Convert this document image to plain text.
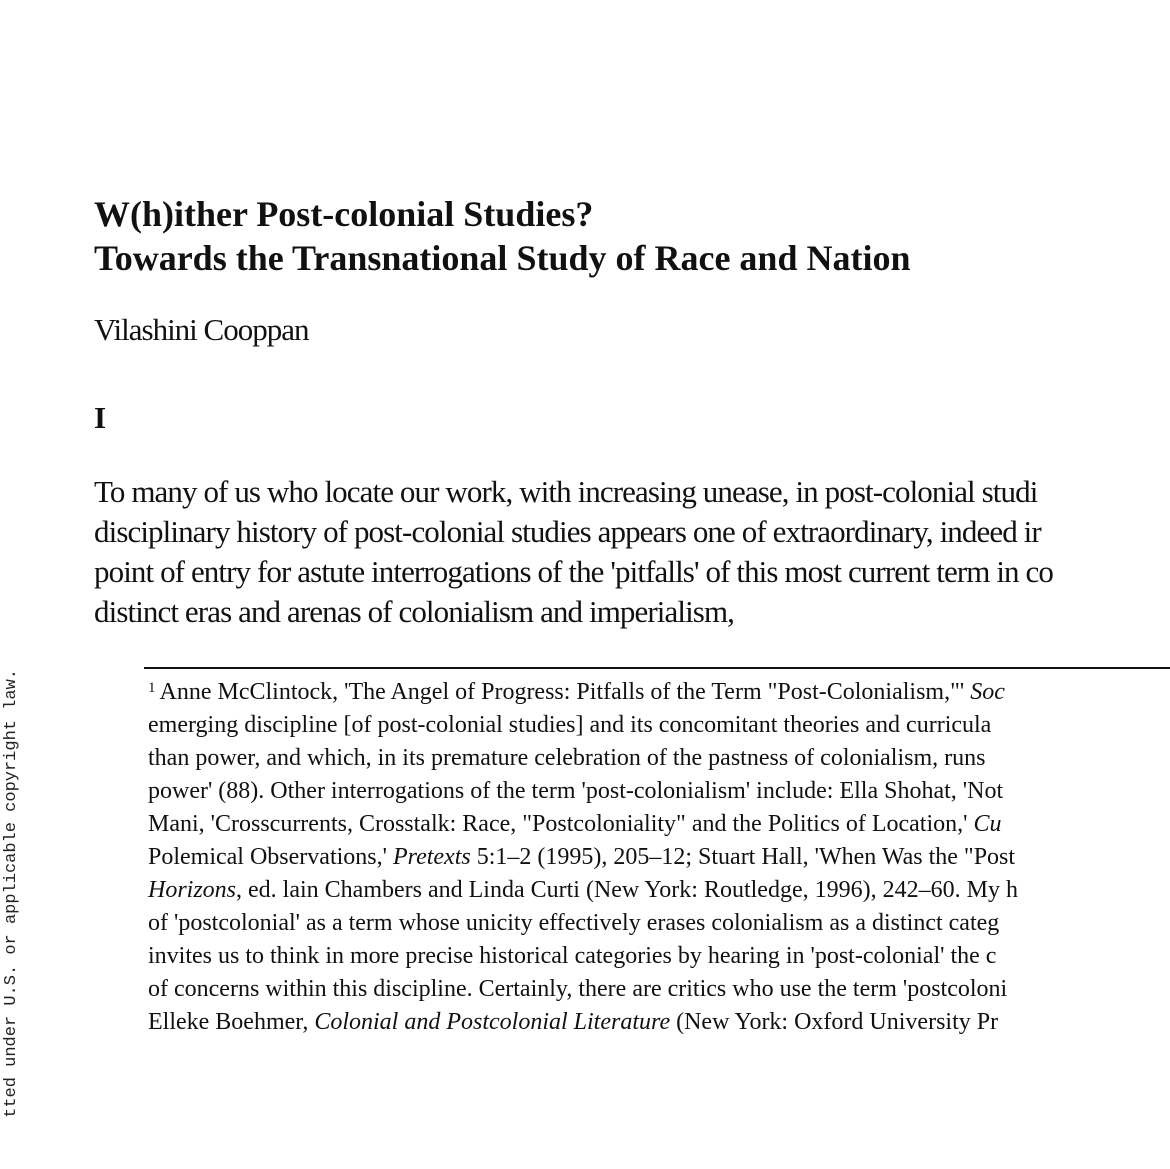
W(h)ither Post-colonial Studies?
Towards the Transnational Study of Race and Nation
Vilashini Cooppan
I
To many of us who locate our work, with increasing unease, in post-colonial studi
disciplinary history of post-colonial studies appears one of extraordinary, indeed ir
point of entry for astute interrogations of the 'pitfalls' of this most current term in co
distinct eras and arenas of colonialism and imperialism,
$^1$ Anne McClintock, 'The Angel of Progress: Pitfalls of the Term "Post-Colonialism,"' Soc
emerging discipline [of post-colonial studies] and its concomitant theories and curricula
than power, and which, in its premature celebration of the pastness of colonialism, runs
power' (88). Other interrogations of the term 'post-colonialism' include: Ella Shohat, 'Not
Mani, 'Crosscurrents, Crosstalk: Race, "Postcoloniality" and the Politics of Location,' Cu
Polemical Observations,' Pretexts 5:1–2 (1995), 205–12; Stuart Hall, 'When Was the "Post
Horizons, ed. lain Chambers and Linda Curti (New York: Routledge, 1996), 242–60. My h
of 'postcolonial' as a term whose unicity effectively erases colonialism as a distinct categ
invites us to think in more precise historical categories by hearing in 'post-colonial' the c
of concerns within this discipline. Certainly, there are critics who use the term 'postcoloni
Elleke Boehmer, Colonial and Postcolonial Literature (New York: Oxford University Pr
tted under U.S. or applicable copyright law.
